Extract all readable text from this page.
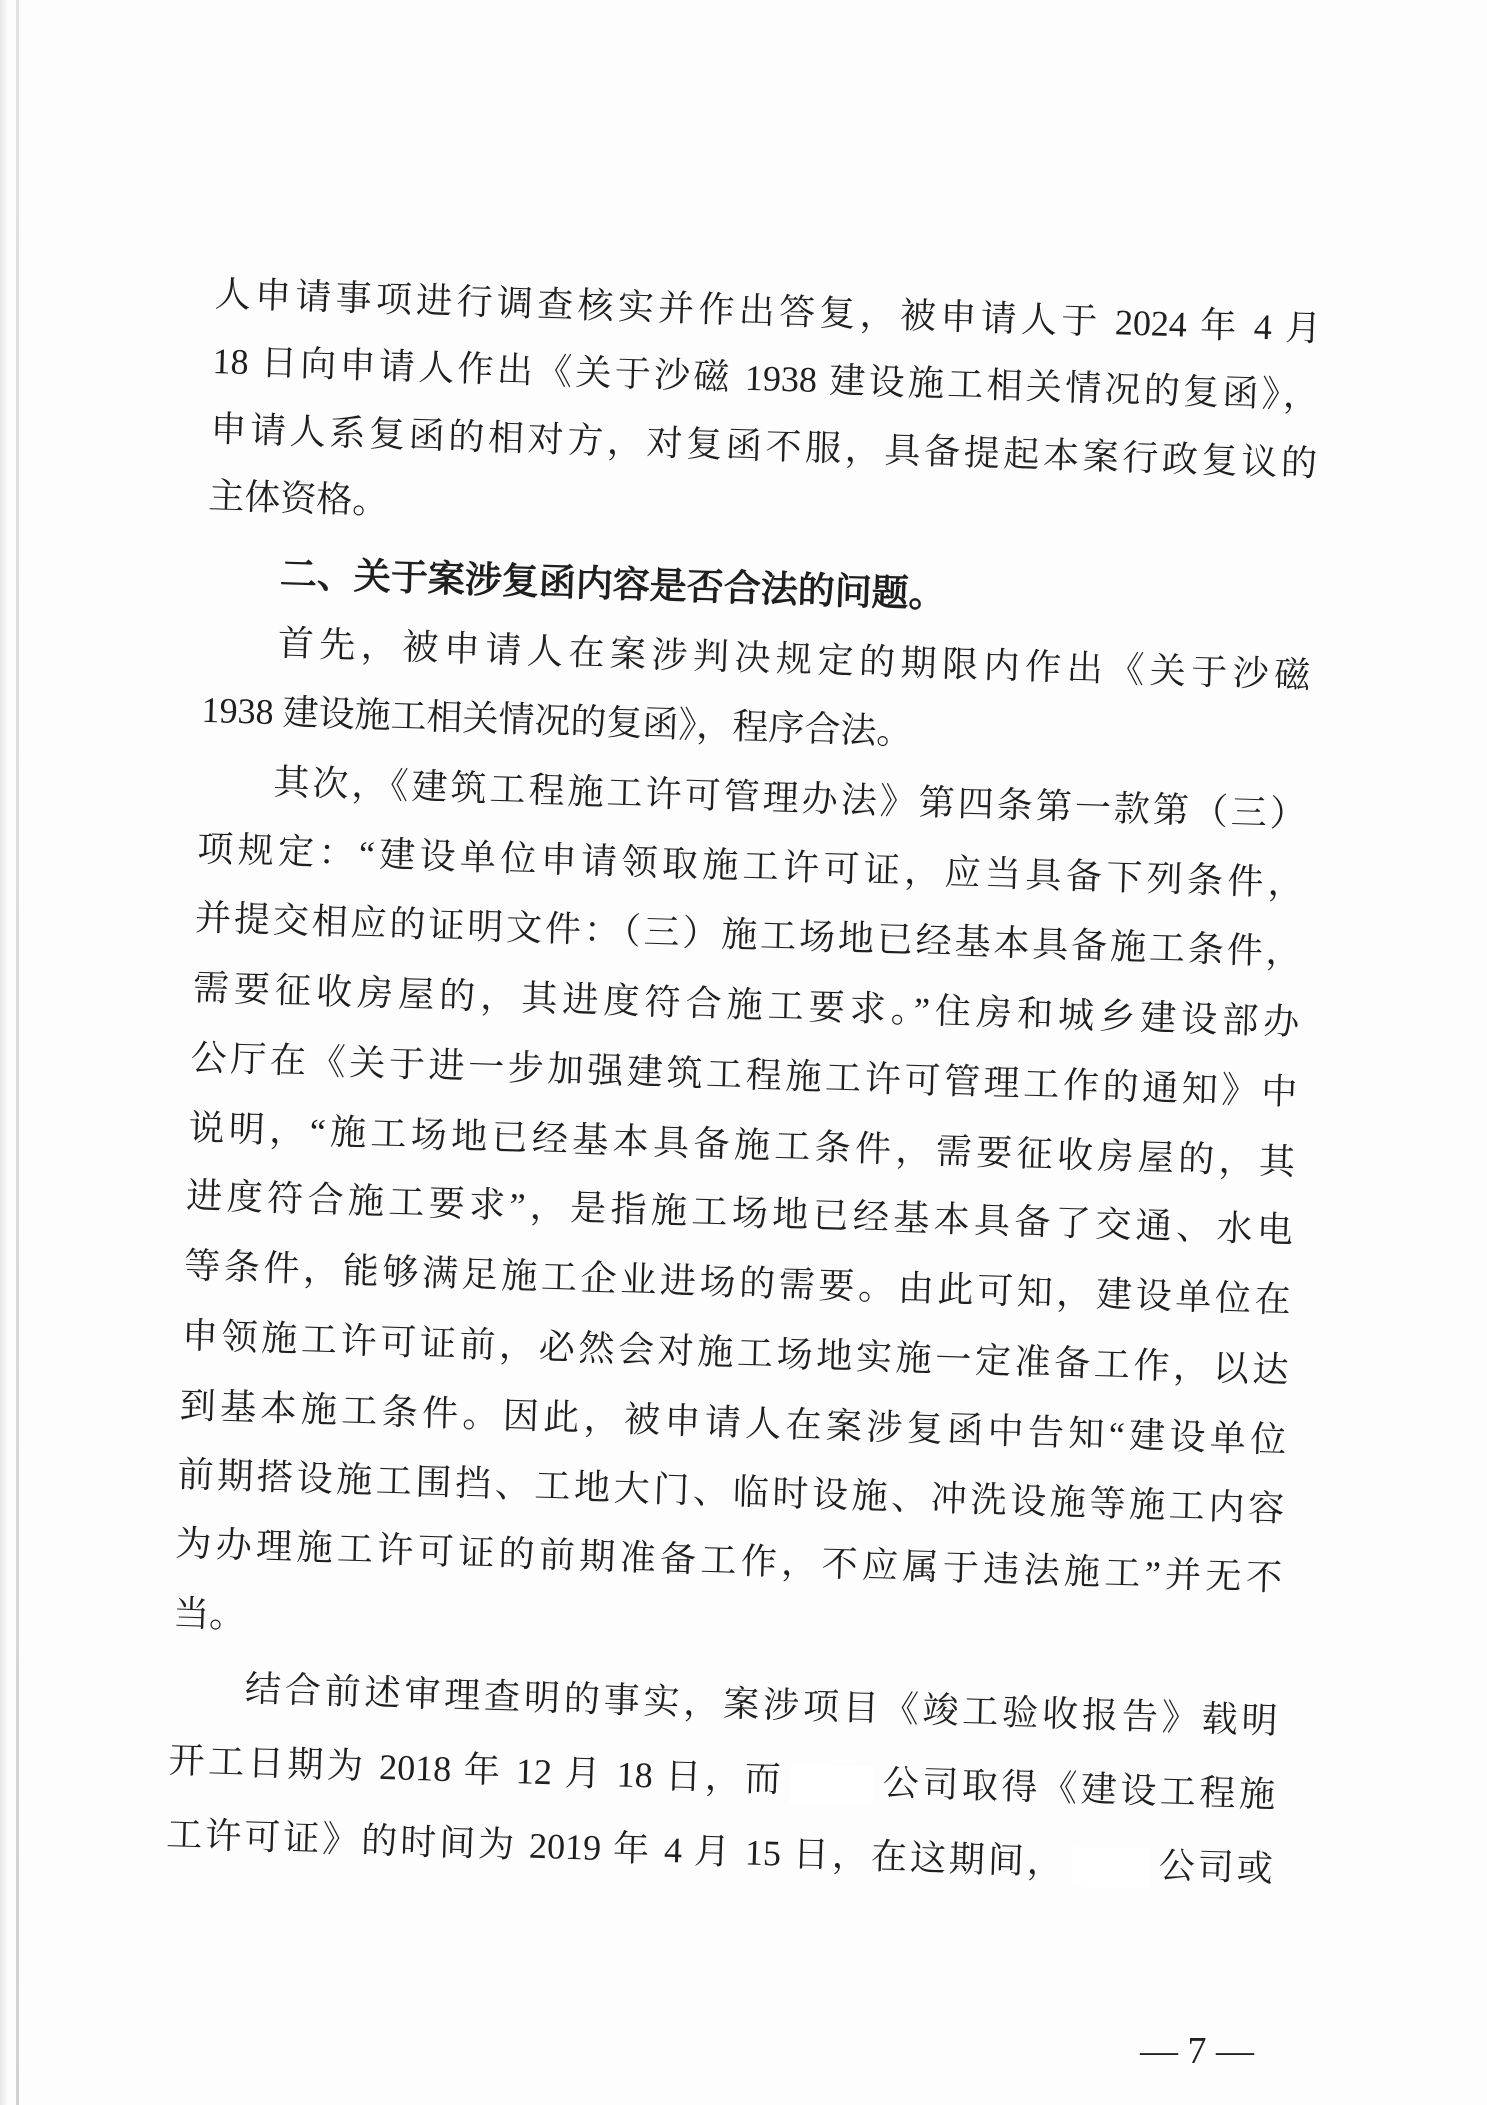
人申请事项进行调查核实并作出答复，被申请人于 2024 年 4 月
18 日向申请人作出《关于沙磁 1938 建设施工相关情况的复函》，
申请人系复函的相对方，对复函不服，具备提起本案行政复议的
主体资格。
二、关于案涉复函内容是否合法的问题。
首先，被申请人在案涉判决规定的期限内作出《关于沙磁
1938 建设施工相关情况的复函》，程序合法。
其次，《建筑工程施工许可管理办法》第四条第一款第（三）
项规定：“建设单位申请领取施工许可证，应当具备下列条件，
并提交相应的证明文件：（三）施工场地已经基本具备施工条件，
需要征收房屋的，其进度符合施工要求。”住房和城乡建设部办
公厅在《关于进一步加强建筑工程施工许可管理工作的通知》中
说明，“施工场地已经基本具备施工条件，需要征收房屋的，其
进度符合施工要求”，是指施工场地已经基本具备了交通、水电
等条件，能够满足施工企业进场的需要。由此可知，建设单位在
申领施工许可证前，必然会对施工场地实施一定准备工作，以达
到基本施工条件。因此，被申请人在案涉复函中告知“建设单位
前期搭设施工围挡、工地大门、临时设施、冲洗设施等施工内容
为办理施工许可证的前期准备工作，不应属于违法施工”并无不
当。
结合前述审理查明的事实，案涉项目《竣工验收报告》载明
开工日期为 2018 年 12 月 18 日，而	公司取得《建设工程施
工许可证》的时间为 2019 年 4 月 15 日，在这期间， 公司或
— 7 —
